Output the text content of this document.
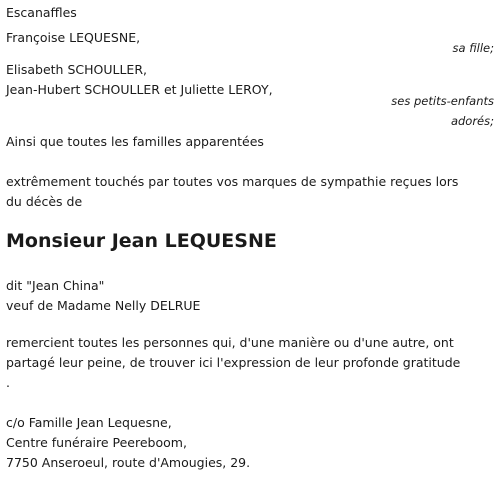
Escanaffles
Françoise LEQUESNE,
sa fille;
Elisabeth SCHOULLER,
Jean-Hubert SCHOULLER et Juliette LEROY,
ses petits-enfants
adorés;
Ainsi que toutes les familles apparentées
extrêmement touchés par toutes vos marques de sympathie reçues lors
du décès de
Monsieur Jean LEQUESNE
dit "Jean China"
veuf de Madame Nelly DELRUE
remercient toutes les personnes qui, d'une manière ou d'une autre, ont
partagé leur peine, de trouver ici l'expression de leur profonde gratitude
.
c/o Famille Jean Lequesne,
Centre funéraire Peereboom,
7750 Anseroeul, route d'Amougies, 29.
